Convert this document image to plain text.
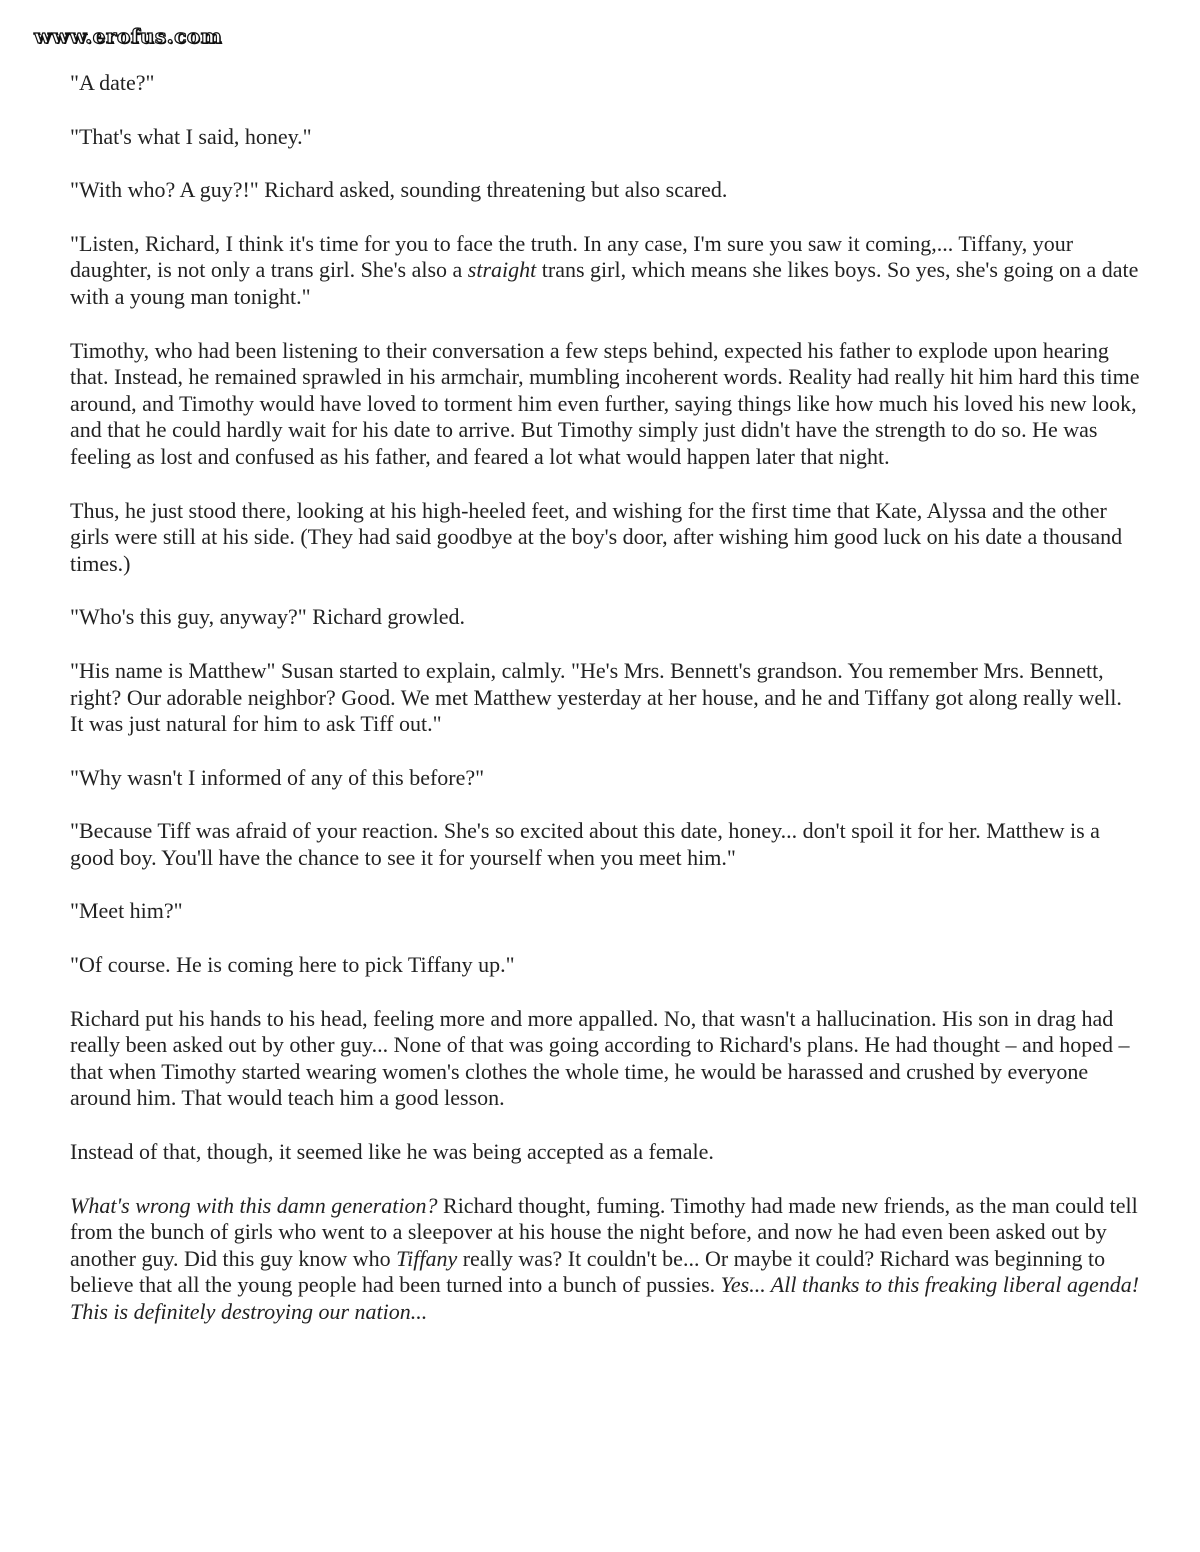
www.erofus.com

"A date?"

"That's what I said, honey."

"With who? A guy?!" Richard asked, sounding threatening but also scared.

"Listen, Richard, I think it's time for you to face the truth. In any case, I'm sure you saw it coming,... Tiffany, your daughter, is not only a trans girl. She's also a straight trans girl, which means she likes boys. So yes, she's going on a date with a young man tonight."

Timothy, who had been listening to their conversation a few steps behind, expected his father to explode upon hearing that. Instead, he remained sprawled in his armchair, mumbling incoherent words. Reality had really hit him hard this time around, and Timothy would have loved to torment him even further, saying things like how much his loved his new look, and that he could hardly wait for his date to arrive. But Timothy simply just didn't have the strength to do so. He was feeling as lost and confused as his father, and feared a lot what would happen later that night.

Thus, he just stood there, looking at his high-heeled feet, and wishing for the first time that Kate, Alyssa and the other girls were still at his side. (They had said goodbye at the boy's door, after wishing him good luck on his date a thousand times.)

"Who's this guy, anyway?" Richard growled.

"His name is Matthew" Susan started to explain, calmly. "He's Mrs. Bennett's grandson. You remember Mrs. Bennett, right? Our adorable neighbor? Good. We met Matthew yesterday at her house, and he and Tiffany got along really well. It was just natural for him to ask Tiff out."

"Why wasn't I informed of any of this before?"

"Because Tiff was afraid of your reaction. She's so excited about this date, honey... don't spoil it for her. Matthew is a good boy. You'll have the chance to see it for yourself when you meet him."

"Meet him?"

"Of course. He is coming here to pick Tiffany up."

Richard put his hands to his head, feeling more and more appalled. No, that wasn't a hallucination. His son in drag had really been asked out by other guy... None of that was going according to Richard's plans. He had thought – and hoped – that when Timothy started wearing women's clothes the whole time, he would be harassed and crushed by everyone around him. That would teach him a good lesson.

Instead of that, though, it seemed like he was being accepted as a female.

What's wrong with this damn generation? Richard thought, fuming. Timothy had made new friends, as the man could tell from the bunch of girls who went to a sleepover at his house the night before, and now he had even been asked out by another guy. Did this guy know who Tiffany really was? It couldn't be... Or maybe it could? Richard was beginning to believe that all the young people had been turned into a bunch of pussies. Yes... All thanks to this freaking liberal agenda! This is definitely destroying our nation...
